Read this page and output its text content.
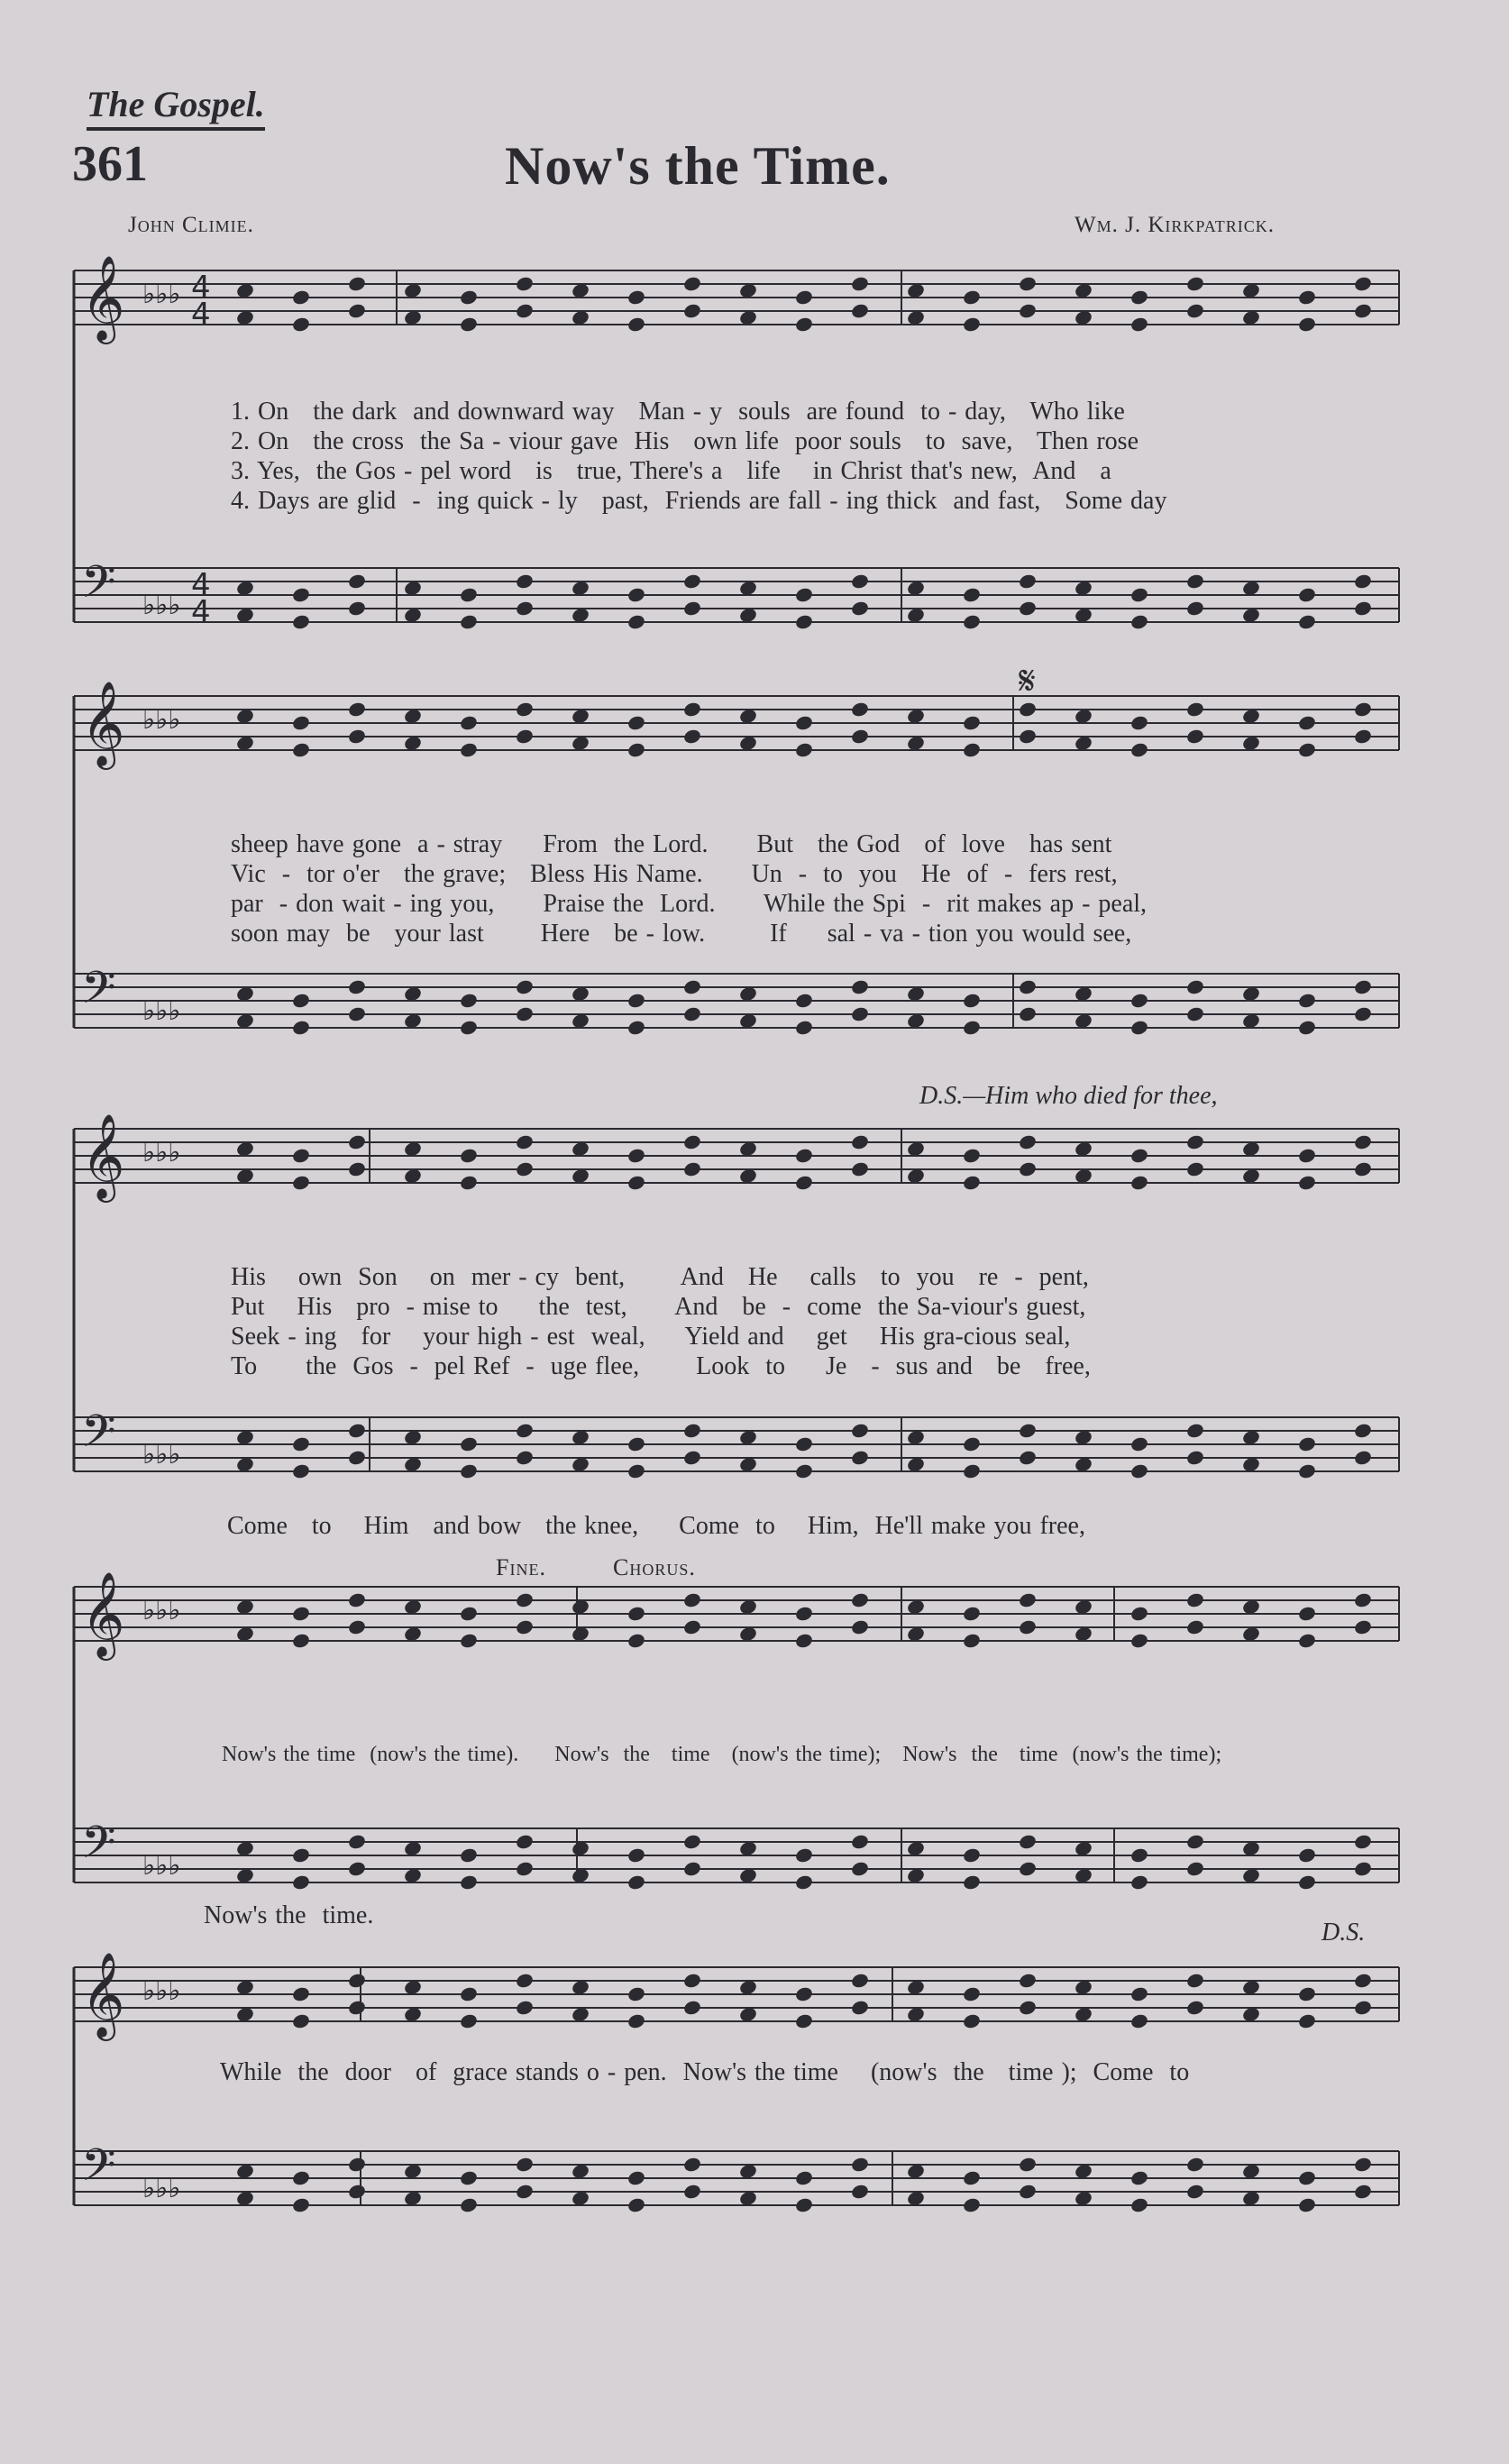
The Gospel.
361	Now's the Time.
John Climie.	Wm. J. Kirkpatrick.
𝄞
𝄢
♭♭♭
♭♭♭
4
4
4
4
𝄞
𝄢
♭♭♭
♭♭♭
𝄞
𝄢
♭♭♭
♭♭♭
𝄞
𝄢
♭♭♭
♭♭♭
𝄞
𝄢
♭♭♭
♭♭♭
𝄋
1. On   the dark  and downward way   Man - y  souls  are found  to - day,   Who like
2. On   the cross  the Sa - viour gave  His   own life  poor souls   to  save,   Then rose
3. Yes,  the Gos - pel word   is   true, There's a   life    in Christ that's new,  And   a
4. Days are glid  -  ing quick - ly   past,  Friends are fall - ing thick  and fast,   Some day
sheep have gone  a - stray     From  the Lord.      But   the God   of  love   has sent
Vic  -  tor o'er   the grave;   Bless His Name.      Un  -  to  you   He  of  -  fers rest,
par  - don wait - ing you,      Praise the  Lord.      While the Spi  -  rit makes ap - peal,
soon may  be   your last       Here   be - low.        If     sal - va - tion you would see,
D.S.—Him who died for thee,
His    own  Son    on  mer - cy  bent,       And   He    calls   to  you   re  -  pent,
Put    His   pro  - mise to     the  test,      And   be  -  come  the Sa-viour's guest,
Seek - ing   for    your high - est  weal,     Yield and    get    His gra-cious seal,
To      the  Gos  -  pel Ref  -  uge flee,       Look  to     Je   -  sus and   be   free,
Come   to    Him   and bow   the knee,     Come  to    Him,  He'll make you free,
Fine.	Chorus.
Now's the time  (now's the time).     Now's  the   time   (now's the time);   Now's  the   time  (now's the time);
Now's the  time.
D.S.
While  the  door   of  grace stands o - pen.  Now's the time    (now's  the   time );  Come  to
